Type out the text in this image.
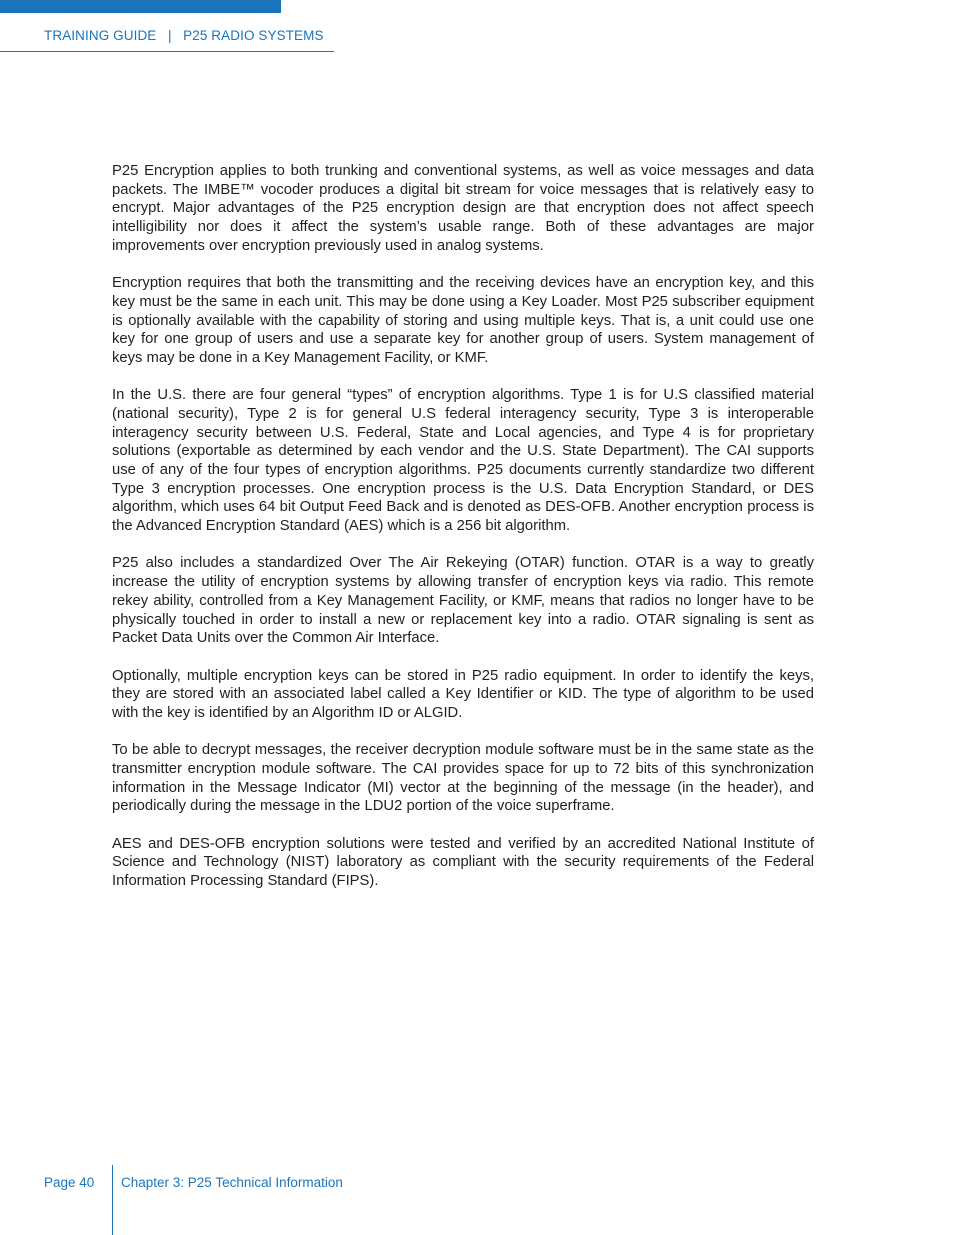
TRAINING GUIDE   |   P25 RADIO SYSTEMS

P25 Encryption applies to both trunking and conventional systems, as well as voice messages and data packets. The IMBE™ vocoder produces a digital bit stream for voice messages that is relatively easy to encrypt. Major advantages of the P25 encryption design are that encryption does not affect speech intelligibility nor does it affect the system’s usable range. Both of these advantages are major improvements over encryption previously used in analog systems.

Encryption requires that both the transmitting and the receiving devices have an encryption key, and this key must be the same in each unit. This may be done using a Key Loader. Most P25 subscriber equipment is optionally available with the capability of storing and using multiple keys. That is, a unit could use one key for one group of users and use a separate key for another group of users. System management of keys may be done in a Key Management Facility, or KMF.

In the U.S. there are four general “types” of encryption algorithms. Type 1 is for U.S classified material (national security), Type 2 is for general U.S federal interagency security, Type 3 is interoperable interagency security between U.S. Federal, State and Local agencies, and Type 4 is for proprietary solutions (exportable as determined by each vendor and the U.S. State Department). The CAI supports use of any of the four types of encryption algorithms. P25 documents currently standardize two different Type 3 encryption processes. One encryption process is the U.S. Data Encryption Standard, or DES algorithm, which uses 64 bit Output Feed Back and is denoted as DES-OFB. Another encryption process is the Advanced Encryption Standard (AES) which is a 256 bit algorithm.

P25 also includes a standardized Over The Air Rekeying (OTAR) function. OTAR is a way to greatly increase the utility of encryption systems by allowing transfer of encryption keys via radio. This remote rekey ability, controlled from a Key Management Facility, or KMF, means that radios no longer have to be physically touched in order to install a new or replacement key into a radio. OTAR signaling is sent as Packet Data Units over the Common Air Interface.

Optionally, multiple encryption keys can be stored in P25 radio equipment. In order to identify the keys, they are stored with an associated label called a Key Identifier or KID. The type of algorithm to be used with the key is identified by an Algorithm ID or ALGID.

To be able to decrypt messages, the receiver decryption module software must be in the same state as the transmitter encryption module software. The CAI provides space for up to 72 bits of this synchronization information in the Message Indicator (MI) vector at the beginning of the message (in the header), and periodically during the message in the LDU2 portion of the voice superframe.

AES and DES-OFB encryption solutions were tested and verified by an accredited National Institute of Science and Technology (NIST) laboratory as compliant with the security requirements of the Federal Information Processing Standard (FIPS).

Page 40 Chapter 3: P25 Technical Information
